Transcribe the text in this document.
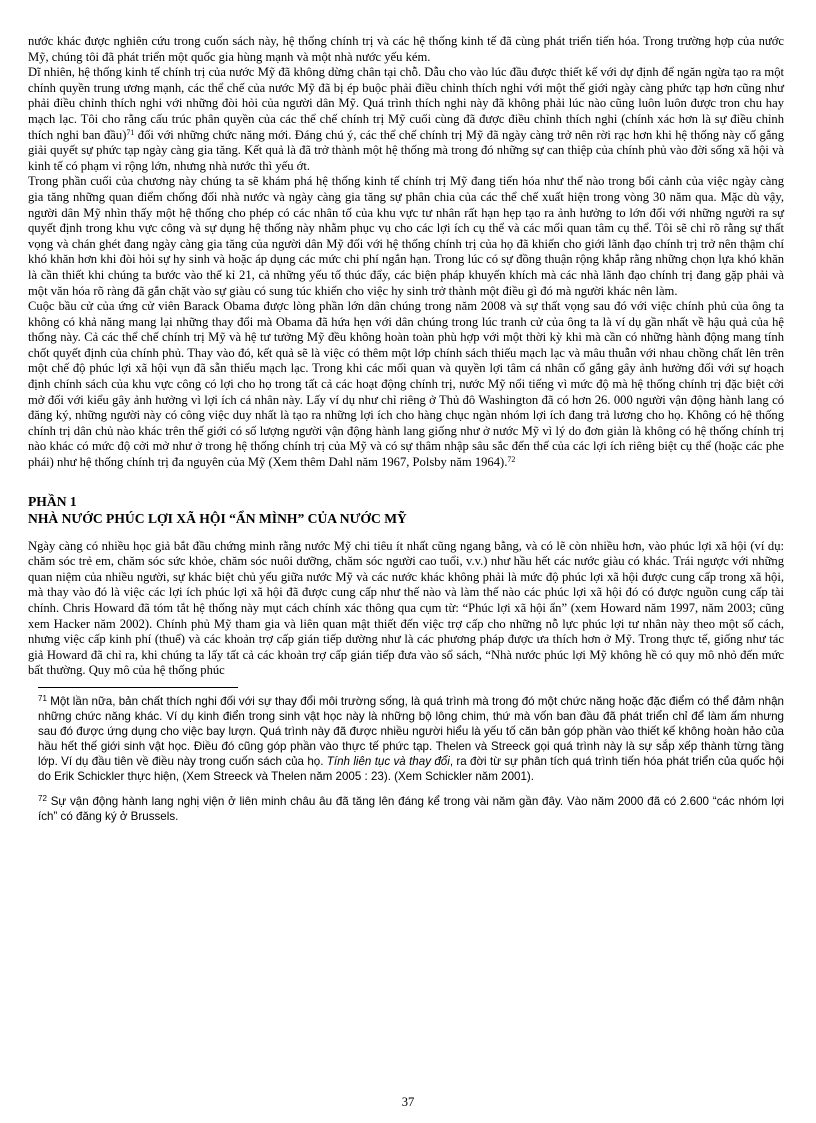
nước khác được nghiên cứu trong cuốn sách này, hệ thống chính trị và các hệ thống kinh tế đã cùng phát triển tiến hóa. Trong trường hợp của nước Mỹ, chúng tôi đã phát triển một quốc gia hùng mạnh và một nhà nước yếu kém.

Dĩ nhiên, hệ thống kinh tế chính trị của nước Mỹ đã không dừng chân tại chỗ. Dẫu cho vào lúc đầu được thiết kế với dự định để ngăn ngừa tạo ra một chính quyền trung ương mạnh, các thể chế của nước Mỹ đã bị ép buộc phải điều chỉnh thích nghi với một thế giới ngày càng phức tạp hơn cũng như phải điều chỉnh thích nghi với những đòi hỏi của người dân Mỹ. Quá trình thích nghi này đã không phải lúc nào cũng luôn luôn được tron chu hay mạch lạc. Tôi cho rằng cấu trúc phân quyền của các thể chế chính trị Mỹ cuối cùng đã được điều chỉnh thích nghi (chính xác hơn là sự điều chỉnh thích nghi ban đầu)$^{71}$ đối với những chức năng mới. Đáng chú ý, các thể chế chính trị Mỹ đã ngày càng trở nên rời rạc hơn khi hệ thống này cố gắng giải quyết sự phức tạp ngày càng gia tăng. Kết quả là đã trở thành một hệ thống mà trong đó những sự can thiệp của chính phủ vào đời sống xã hội và kinh tế có phạm vi rộng lớn, nhưng nhà nước thì yếu ớt.

Trong phần cuối của chương này chúng ta sẽ khám phá hệ thống kinh tế chính trị Mỹ đang tiến hóa như thế nào trong bối cảnh của việc ngày càng gia tăng những quan điểm chống đối nhà nước và ngày càng gia tăng sự phân chia của các thể chế xuất hiện trong vòng 30 năm qua. Mặc dù vậy, người dân Mỹ nhìn thấy một hệ thống cho phép có các nhân tố của khu vực tư nhân rất hạn hẹp tạo ra ảnh hưởng to lớn đối với những người ra sự quyết định trong khu vực công và sự dụng hệ thống này nhằm phục vụ cho các lợi ích cụ thể và các mối quan tâm cụ thể. Tôi sẽ chỉ rõ rằng sự thất vọng và chán ghét đang ngày càng gia tăng của người dân Mỹ đối với hệ thống chính trị của họ đã khiến cho giới lãnh đạo chính trị trở nên thậm chí khó khăn hơn khi đòi hỏi sự hy sinh và hoặc áp dụng các mức chi phí ngắn hạn. Trong lúc có sự đồng thuận rộng khắp rằng những chọn lựa khó khăn là cần thiết khi chúng ta bước vào thế kỉ 21, cả những yếu tố thúc đẩy, các biện pháp khuyến khích mà các nhà lãnh đạo chính trị đang gặp phải và một văn hóa rõ ràng đã gắn chặt vào sự giàu có sung túc khiến cho việc hy sinh trở thành một điều gì đó mà người khác nên làm.

Cuộc bầu cử của ứng cử viên Barack Obama được lòng phần lớn dân chúng trong năm 2008 và sự thất vọng sau đó với việc chính phủ của ông ta không có khả năng mang lại những thay đổi mà Obama đã hứa hẹn với dân chúng trong lúc tranh cử của ông ta là ví dụ gần nhất về hậu quả của hệ thống này. Cả các thể chế chính trị Mỹ và hệ tư tưởng Mỹ đều không hoàn toàn phù hợp với một thời kỳ khi mà cần có những hành động mang tính chốt quyết định của chính phủ. Thay vào đó, kết quả sẽ là việc có thêm một lớp chính sách thiếu mạch lạc và mâu thuẫn với nhau chồng chất lên trên một chế độ phúc lợi xã hội vụn đã sẵn thiếu mạch lạc. Trong khi các mối quan và quyền lợi tâm cá nhân cố gắng gây ảnh hưởng đối với sự hoạch định chính sách của khu vực công có lợi cho họ trong tất cả các hoạt động chính trị, nước Mỹ nổi tiếng vì mức độ mà hệ thống chính trị đặc biệt cởi mở đối với kiểu gây ảnh hưởng vì lợi ích cá nhân này. Lấy ví dụ như chỉ riêng ở Thủ đô Washington đã có hơn 26. 000 người vận động hành lang có đăng ký, những người này có công việc duy nhất là tạo ra những lợi ích cho hàng chục ngàn nhóm lợi ích đang trả lương cho họ. Không có hệ thống chính trị dân chủ nào khác trên thế giới có số lượng người vận động hành lang giống như ở nước Mỹ vì lý do đơn giản là không có hệ thống chính trị nào khác có mức độ cởi mở như ở trong hệ thống chính trị của Mỹ và có sự thâm nhập sâu sắc đến thế của các lợi ích riêng biệt cụ thể (hoặc các phe phái) như hệ thống chính trị đa nguyên của Mỹ (Xem thêm Dahl năm 1967, Polsby năm 1964).$^{72}$

PHẦN 1
NHÀ NƯỚC PHÚC LỢI XÃ HỘI “ẨN MÌNH” CỦA NƯỚC MỸ

Ngày càng có nhiều học giả bắt đầu chứng minh rằng nước Mỹ chi tiêu ít nhất cũng ngang bằng, và có lẽ còn nhiều hơn, vào phúc lợi xã hội (ví dụ: chăm sóc trẻ em, chăm sóc sức khỏe, chăm sóc nuôi dưỡng, chăm sóc người cao tuổi, v.v.) như hầu hết các nước giàu có khác. Trái ngược với những quan niệm của nhiều người, sự khác biệt chủ yếu giữa nước Mỹ và các nước khác không phải là mức độ phúc lợi xã hội được cung cấp trong xã hội, mà thay vào đó là việc các lợi ích phúc lợi xã hội đã được cung cấp như thế nào và làm thế nào các phúc lợi xã hội đó có được nguồn cung cấp tài chính. Chris Howard đã tóm tắt hệ thống này mụt cách chính xác thông qua cụm từ: “Phúc lợi xã hội ẩn” (xem Howard năm 1997, năm 2003; cũng xem Hacker năm 2002). Chính phủ Mỹ tham gia và liên quan mật thiết đến việc trợ cấp cho những nỗ lực phúc lợi tư nhân này theo một số cách, nhưng việc cấp kinh phí (thuế) và các khoản trợ cấp gián tiếp dường như là các phương pháp được ưa thích hơn ở Mỹ. Trong thực tế, giống như tác giả Howard đã chỉ ra, khi chúng ta lấy tất cả các khoản trợ cấp gián tiếp đưa vào sổ sách, “Nhà nước phúc lợi Mỹ không hề có quy mô nhỏ đến mức bất thường. Quy mô của hệ thống phúc

$^{71}$ Một lần nữa, bản chất thích nghi đối với sự thay đổi môi trường sống, là quá trình mà trong đó một chức năng hoặc đặc điểm có thể đảm nhận những chức năng khác. Ví dụ kinh điển trong sinh vật học này là những bộ lông chim, thứ mà vốn ban đầu đã phát triển chỉ để làm ấm nhưng sau đó được ứng dụng cho việc bay lượn. Quá trình này đã được nhiều người hiểu là yếu tố căn bản góp phần vào thiết kế không hoàn hảo của hầu hết thế giới sinh vật học. Điều đó cũng góp phần vào thực tế phức tạp. Thelen và Streeck gọi quá trình này là sự sắp xếp thành từng tầng lớp. Ví dụ đầu tiên về điều này trong cuốn sách của họ. Tính liên tục và thay đổi, ra đời từ sự phân tích quá trình tiến hóa phát triển của quốc hội do Erik Schickler thực hiện, (Xem Streeck và Thelen năm 2005 : 23). (Xem Schickler năm 2001).

$^{72}$ Sự vận động hành lang nghị viện ở liên minh châu âu đã tăng lên đáng kể trong vài năm gần đây. Vào năm 2000 đã có 2.600 “các nhóm lợi ích” có đăng ký ở Brussels.

37
